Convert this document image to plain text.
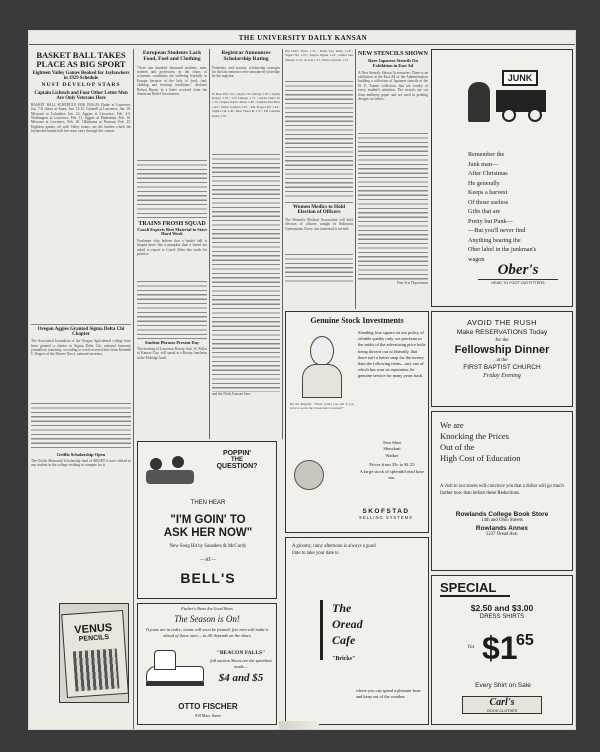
THE UNIVERSITY DAILY KANSAN
BASKET BALL TAKES PLACE AS BIG SPORT
Eighteen Valley Games Booked for Jayhawkers in 1929 Schedule
NUST DEVELOP STARS
Captain Lichtsch and Four Other Letter Men Are Only Veterans Here
BASKET BALL SCHEDULE FOR 1928-29: Drake at Lawrence, Jan. 7-8. Ames at Ames, Jan. 14-15. Grinnell at Lawrence, Jan. 18. Missouri at Columbia, Jan. 22. Aggies at Lawrence, Feb. 4-5. Washington at Lawrence, Feb. 11. Aggies at Manhattan, Feb. 16. Missouri at Lawrence, Feb. 20. Oklahoma at Norman, Feb. 25. Eighteen games, all with Valley teams, are the burden which the Jayhawker basket ball five must carry through this season.
Oregon Aggies Granted Sigma Delta Chi Chapter
The Associated Journalists of the Oregon Agricultural college have been granted a charter in Sigma Delta Chi, national honorary journalistic fraternity, according to word received here from Kenneth C. Rogers of the Denver News, national secretary.
Griffis Scholarship Open
The Griffis Memorial Scholarship fund of $80,000 is now offered to any student in the college wishing to compete for it.
VENUS
PENCILS
European Students Lack Food, Fuel and Clothing
"Over one hundred thousand students, men, women and professors, in the chaos of economic conditions are suffering fearfully in Europe because of the lack of food, fuel, clothing and housing conditions," declares Robert Ruster in a letter received from the American Relief Association.
TRAINS FROSH SQUAD
Coach Experts Best Material to Start Hard Work
Freshmen who believe that a basket ball is shaped more like a pumpkin than a barrel are asked to report to Coach Allen this week for practice.
Student Phrases Present Day
The meeting of Lawrence Rotary club, W. Fuller of Kansas City, will speak at a Rotary luncheon at the Eldridge hotel.
Registrar Announces Scholarship Rating
Fraternity and sorority scholarship averages for the last semester were announced yesterday by the registrar.
Pi Beta Phi 1.91 | Alpha Chi Omega 1.87 | Sigma Kappa 1.79 | Chi Omega 1.74 | Alpha Delta Pi 1.70 | Kappa Alpha Theta 1.66 | Gamma Phi Beta 1.64 | Delta Gamma 1.61 | Phi Kappa Psi 1.44 | Sigma Chi 1.40 | Beta Theta Pi 1.37 | Phi Gamma Delta 1.33
and the Daily Kansan here.
Phi Delta Theta 1.31 | Delta Tau Delta 1.28 | Sigma Nu 1.25 | Kappa Sigma 1.22 | Alpha Tau Omega 1.19 | Acacia 1.15 | Delta Upsilon 1.12
Women Medics to Hold Election of Officers
The Women's Medical Association will hold election of officers tonight in Robinson Gymnasium. Every one interested is invited.
NEW STENCILS SHOWN
Rare Japanese Stencils On Exhibition in East Ad
A New Stencils Shown Accessories: There is an exhibition in the East Ad of the Administration building a collection of Japanese stencils of the W. E. Tanner collection, that are worthy of every student's attention. The stencils are cut from mulberry paper and are used in printing designs on fabrics.
Fine Arts Department
JUNK
Remember the
Junk man—
After Christmas
He generally
Keeps a harvest
Of those useless
Gifts that are
Pretty but Punk—
—But you'll never find
Anything bearing the
Ober label in the junkman's
wagon
Ober's
HEAD TO FOOT OUTFITTERS
Genuine Stock Investments
By the Regular: "What would you sell if you were to serve the lowest price wanted?"
Standing four square on our policy of reliable quality only, we proclaim in the midst of the advertising price bolts being thrown out so liberally, that there isn't a better snap for the money than the following items—any one of which has won its reputation for genuine service for many years back.
Tom Shoe
Shawknit
Walker
Prices from 35c to $1.25
A large stock of splendid read hose too.
SKOFSTAD
SELLING SYSTEMS
AVOID THE RUSH
Make RESERVATIONS Today
for the
Fellowship Dinner
at the
FIRST BAPTIST CHURCH
Friday Evening
We are
Knocking the Prices
Out of the
High Cost of Education
A visit to our stores will convince you that a dollar will go much farther now than before these Reductions.
Rowlands College Book Store
14th and Ohio Streets
Rowlands Annex
1237 Oread Ave.
POPPIN'
THE
QUESTION?
THEN HEAR
"I'M GOIN' TO
ASK HER NOW"
New Song Hit by Saunders & McCurdy
—AT—
BELL'S
Fischer's Shoes Are Good Shoes
The Season is On!
Tryouts are in order; teams will soon be formed; feet men will make it ahead of those ones —in All depends on the shoes
"BEACON FALLS"
full suction Shoes are the speediest made—
$4 and $5
OTTO FISCHER
819 Mass. Street
A gloomy, rainy afternoon is always a good time to take your date to
The
Oread
Cafe
"Bricks"
where you can spend a pleasant hour and keep out of the weather.
SPECIAL
$2.50 and $3.00
DRESS SHIRTS
for $1
65
Every Shirt on Sale
Carl's
GOOD CLOTHES
